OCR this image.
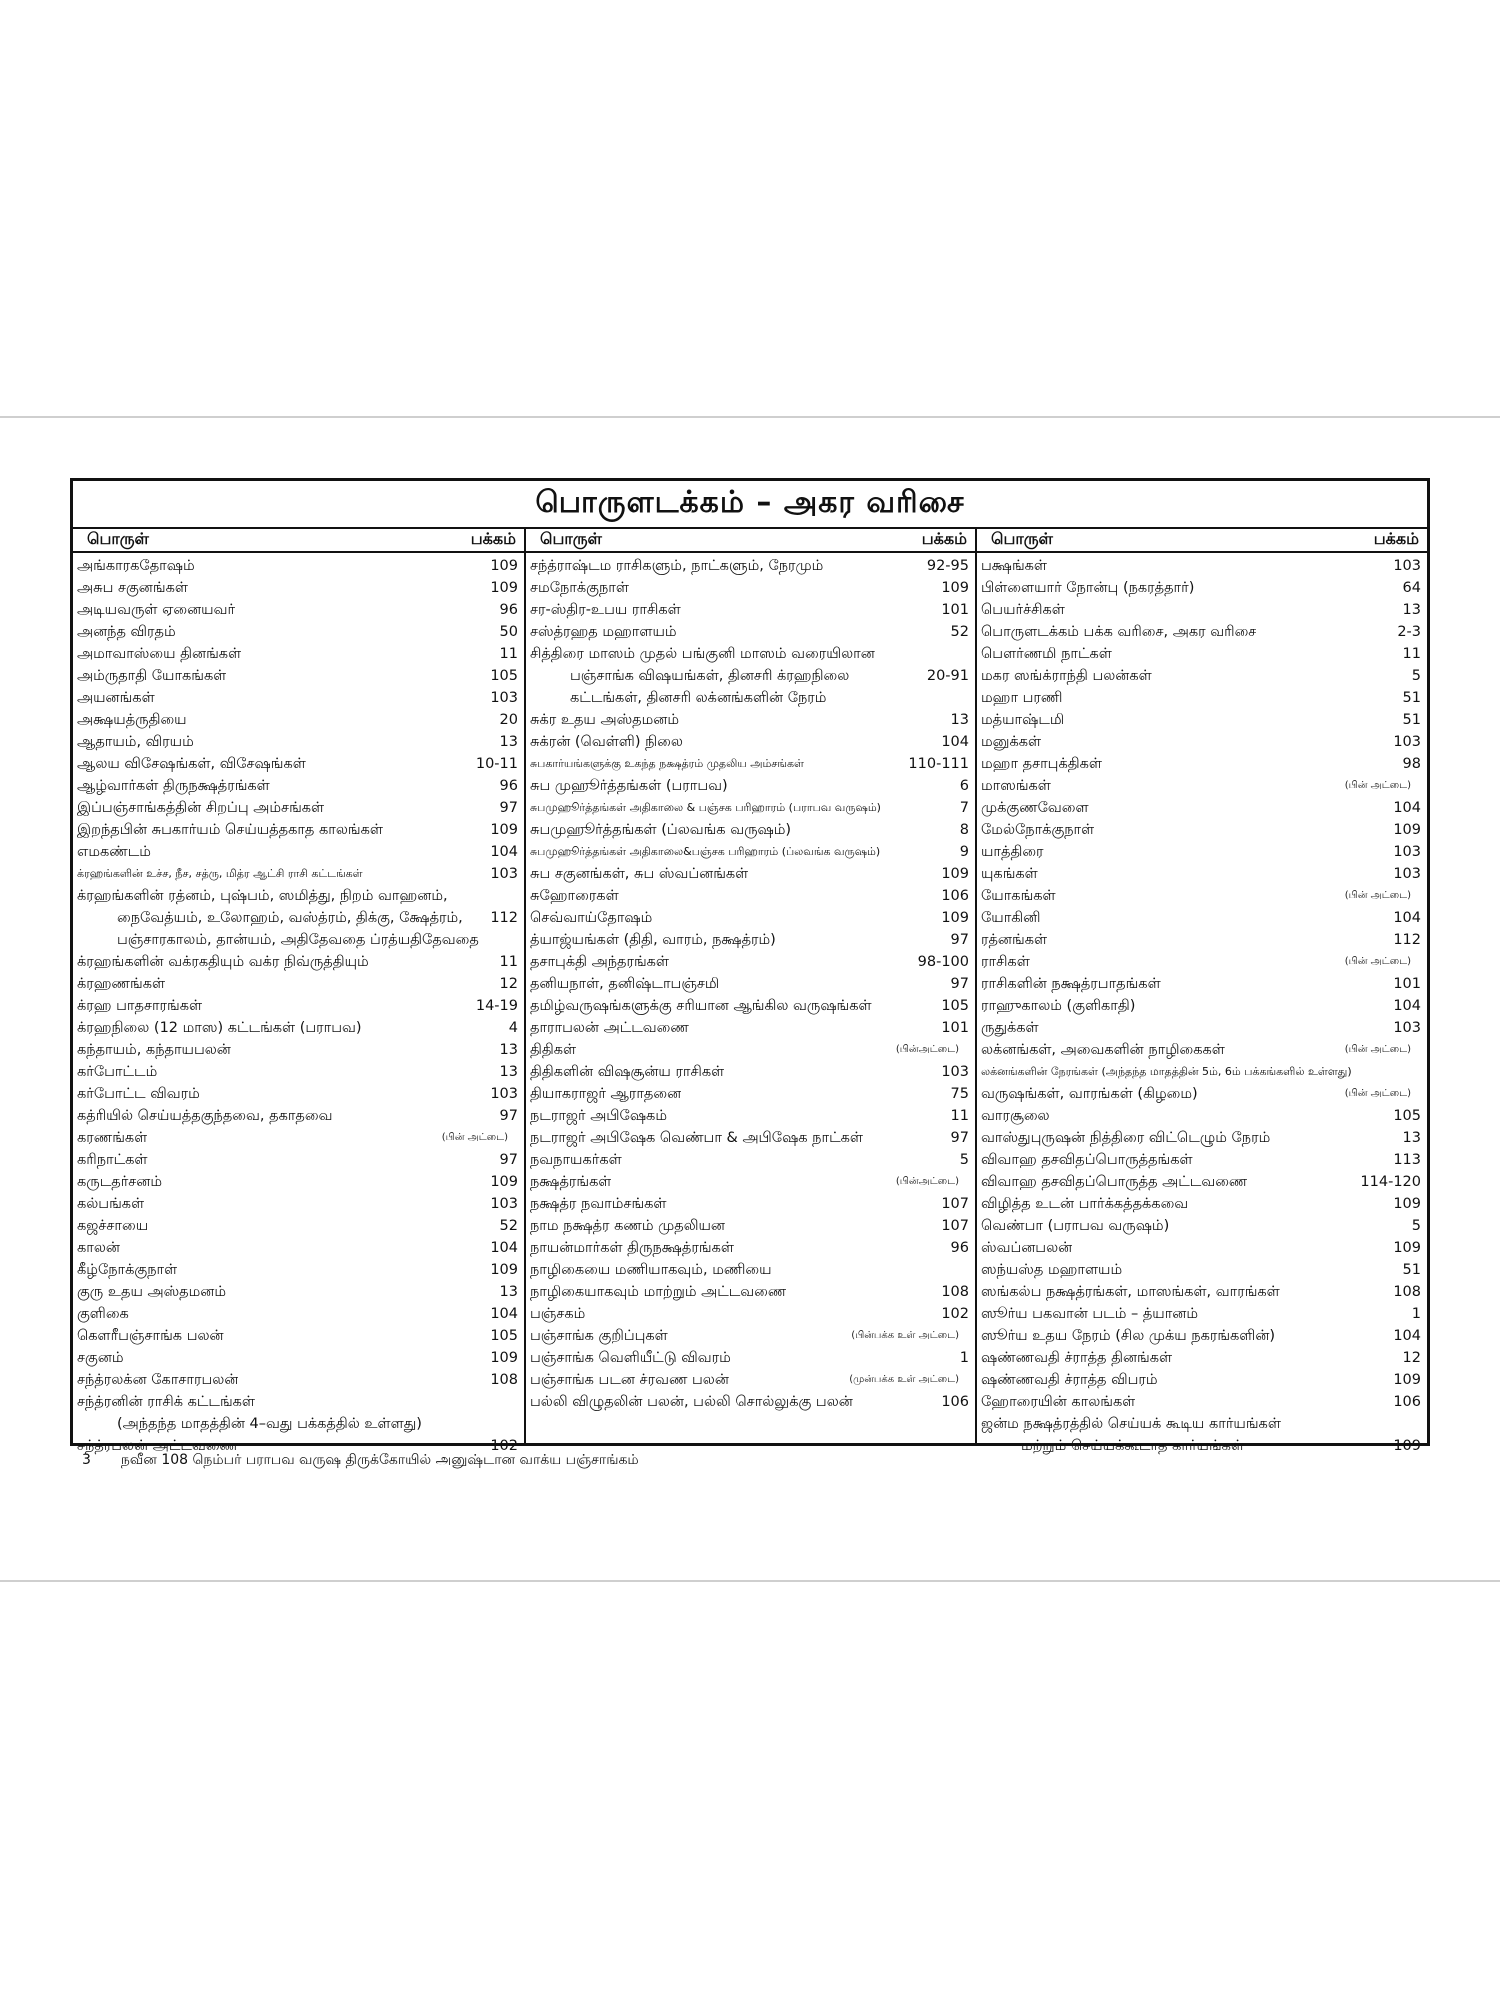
பொருளடக்கம் – அகர வரிசை
பொருள்	பக்கம்
அங்காரகதோஷம்	109
அசுப சகுனங்கள்	109
அடியவருள் ஏனையவர்	96
அனந்த விரதம்	50
அமாவாஸ்யை தினங்கள்	11
அம்ருதாதி யோகங்கள்	105
அயனங்கள்	103
அக்ஷயத்ருதியை	20
ஆதாயம், விரயம்	13
ஆலய விசேஷங்கள், விசேஷங்கள்	10-11
ஆழ்வார்கள் திருநக்ஷத்ரங்கள்	96
இப்பஞ்சாங்கத்தின் சிறப்பு அம்சங்கள்	97
இறந்தபின் சுபகார்யம் செய்யத்தகாத காலங்கள்	109
எமகண்டம்	104
க்ரஹங்களின் உச்ச, நீச, சத்ரு, மித்ர ஆட்சி ராசி கட்டங்கள்	103
க்ரஹங்களின் ரத்னம், புஷ்பம், ஸமித்து, நிறம் வாஹனம்,
நைவேத்யம், உலோஹம், வஸ்த்ரம், திக்கு, க்ஷேத்ரம், 112
பஞ்சாரகாலம், தான்யம், அதிதேவதை ப்ரத்யதிதேவதை
க்ரஹங்களின் வக்ரகதியும் வக்ர நிவ்ருத்தியும்	11
க்ரஹணங்கள்	12
க்ரஹ பாதசாரங்கள்	14-19
க்ரஹநிலை (12 மாஸ) கட்டங்கள் (பராபவ)	4
கந்தாயம், கந்தாயபலன்	13
கர்போட்டம்	13
கர்போட்ட விவரம்	103
கத்ரியில் செய்யத்தகுந்தவை, தகாதவை	97
கரணங்கள்	(பின் அட்டை)
கரிநாட்கள்	97
கருடதர்சனம்	109
கல்பங்கள்	103
கஜச்சாயை	52
காலன்	104
கீழ்நோக்குநாள்	109
குரு உதய அஸ்தமனம்	13
குளிகை	104
கௌரீபஞ்சாங்க பலன்	105
சகுனம்	109
சந்த்ரலக்ன கோசாரபலன்	108
சந்த்ரனின் ராசிக் கட்டங்கள்
(அந்தந்த மாதத்தின் 4–வது பக்கத்தில் உள்ளது)
சந்த்ரபலன் அட்டவணை	102
பொருள்	பக்கம்
சந்த்ராஷ்டம ராசிகளும், நாட்களும், நேரமும்	92-95
சமநோக்குநாள்	109
சர-ஸ்திர-உபய ராசிகள்	101
சஸ்த்ரஹத மஹாளயம்	52
சித்திரை மாஸம் முதல் பங்குனி மாஸம் வரையிலான
பஞ்சாங்க விஷயங்கள், தினசரி க்ரஹநிலை	20-91
கட்டங்கள், தினசரி லக்னங்களின் நேரம்
சுக்ர உதய அஸ்தமனம்	13
சுக்ரன் (வெள்ளி) நிலை	104
சுபகார்யங்களுக்கு உகந்த நக்ஷத்ரம் முதலிய அம்சங்கள்	110-111
சுப முஹூர்த்தங்கள் (பராபவ)	6
சுபமுஹூர்த்தங்கள் அதிகாலை & பஞ்சக பரிஹாரம் (பராபவ வருஷம்)	7
சுபமுஹூர்த்தங்கள் (ப்லவங்க வருஷம்)	8
சுபமுஹூர்த்தங்கள் அதிகாலை&பஞ்சக பரிஹாரம் (ப்லவங்க வருஷம்)	9
சுப சகுனங்கள், சுப ஸ்வப்னங்கள்	109
சுஹோரைகள்	106
செவ்வாய்தோஷம்	109
த்யாஜ்யங்கள் (திதி, வாரம், நக்ஷத்ரம்)	97
தசாபுக்தி அந்தரங்கள்	98-100
தனியநாள், தனிஷ்டாபஞ்சமி	97
தமிழ்வருஷங்களுக்கு சரியான ஆங்கில வருஷங்கள்	105
தாராபலன் அட்டவணை	101
திதிகள்	(பின்அட்டை)
திதிகளின் விஷசூன்ய ராசிகள்	103
தியாகராஜர் ஆராதனை	75
நடராஜர் அபிஷேகம்	11
நடராஜர் அபிஷேக வெண்பா & அபிஷேக நாட்கள்	97
நவநாயகர்கள்	5
நக்ஷத்ரங்கள்	(பின்அட்டை)
நக்ஷத்ர நவாம்சங்கள்	107
நாம நக்ஷத்ர கணம் முதலியன	107
நாயன்மார்கள் திருநக்ஷத்ரங்கள்	96
நாழிகையை மணியாகவும், மணியை
நாழிகையாகவும் மாற்றும் அட்டவணை	108
பஞ்சகம்	102
பஞ்சாங்க குறிப்புகள்	(பின்பக்க உள் அட்டை)
பஞ்சாங்க வெளியீட்டு விவரம்	1
பஞ்சாங்க படன ச்ரவண பலன்	(முன்பக்க உள் அட்டை)
பல்லி விழுதலின் பலன், பல்லி சொல்லுக்கு பலன்	106
பொருள்	பக்கம்
பக்ஷங்கள்	103
பிள்ளையார் நோன்பு (நகரத்தார்)	64
பெயர்ச்சிகள்	13
பொருளடக்கம் பக்க வரிசை, அகர வரிசை	2-3
பௌர்ணமி நாட்கள்	11
மகர ஸங்க்ராந்தி பலன்கள்	5
மஹா பரணி	51
மத்யாஷ்டமி	51
மனுக்கள்	103
மஹா தசாபுக்திகள்	98
மாஸங்கள்	(பின் அட்டை)
முக்குணவேளை	104
மேல்நோக்குநாள்	109
யாத்திரை	103
யுகங்கள்	103
யோகங்கள்	(பின் அட்டை)
யோகினி	104
ரத்னங்கள்	112
ராசிகள்	(பின் அட்டை)
ராசிகளின் நக்ஷத்ரபாதங்கள்	101
ராஹுகாலம் (குளிகாதி)	104
ருதுக்கள்	103
லக்னங்கள், அவைகளின் நாழிகைகள்	(பின் அட்டை)
லக்னங்களின் நேரங்கள் (அந்தந்த மாதத்தின் 5ம், 6ம் பக்கங்களில் உள்ளது)
வருஷங்கள், வாரங்கள் (கிழமை)	(பின் அட்டை)
வாரசூலை	105
வாஸ்துபுருஷன் நித்திரை விட்டெழும் நேரம்	13
விவாஹ தசவிதப்பொருத்தங்கள்	113
விவாஹ தசவிதப்பொருத்த அட்டவணை	114-120
விழித்த உடன் பார்க்கத்தக்கவை	109
வெண்பா (பராபவ வருஷம்)	5
ஸ்வப்னபலன்	109
ஸந்யஸ்த மஹாளயம்	51
ஸங்கல்ப நக்ஷத்ரங்கள், மாஸங்கள், வாரங்கள்	108
ஸூர்ய பகவான் படம் – த்யானம்	1
ஸூர்ய உதய நேரம் (சில முக்ய நகரங்களின்)	104
ஷண்ணவதி ச்ராத்த தினங்கள்	12
ஷண்ணவதி ச்ராத்த விபரம்	109
ஹோரையின் காலங்கள்	106
ஜன்ம நக்ஷத்ரத்தில் செய்யக் கூடிய கார்யங்கள்
மற்றும் செய்யக்கூடாத கார்யங்கள்	109
3 நவீன 108 நெம்பர் பராபவ வருஷ திருக்கோயில் அனுஷ்டான வாக்ய பஞ்சாங்கம்
